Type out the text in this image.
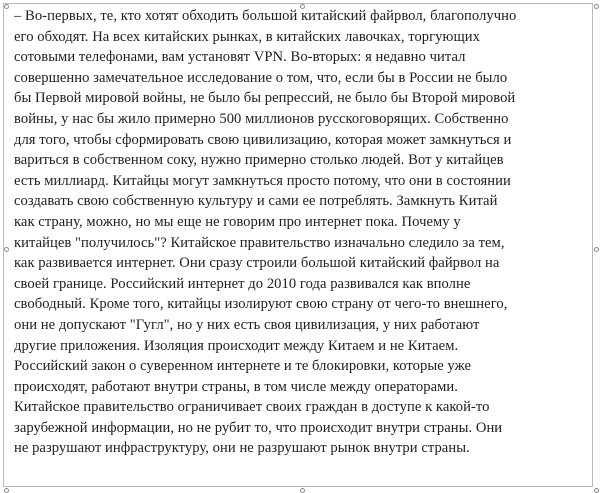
– Во-первых, те, кто хотят обходить большой китайский файрвол, благополучно
его обходят. На всех китайских рынках, в китайских лавочках, торгующих
сотовыми телефонами, вам установят VPN. Во-вторых: я недавно читал
совершенно замечательное исследование о том, что, если бы в России не было
бы Первой мировой войны, не было бы репрессий, не было бы Второй мировой
войны, у нас бы жило примерно 500 миллионов русскоговорящих. Собственно
для того, чтобы сформировать свою цивилизацию, которая может замкнуться и
вариться в собственном соку, нужно примерно столько людей. Вот у китайцев
есть миллиард. Китайцы могут замкнуться просто потому, что они в состоянии
создавать свою собственную культуру и сами ее потреблять. Замкнуть Китай
как страну, можно, но мы еще не говорим про интернет пока. Почему у
китайцев "получилось"? Китайское правительство изначально следило за тем,
как развивается интернет. Они сразу строили большой китайский файрвол на
своей границе. Российский интернет до 2010 года развивался как вполне
свободный. Кроме того, китайцы изолируют свою страну от чего-то внешнего,
они не допускают "Гугл", но у них есть своя цивилизация, у них работают
другие приложения. Изоляция происходит между Китаем и не Китаем.
Российский закон о суверенном интернете и те блокировки, которые уже
происходят, работают внутри страны, в том числе между операторами.
Китайское правительство ограничивает своих граждан в доступе к какой-то
зарубежной информации, но не рубит то, что происходит внутри страны. Они
не разрушают инфраструктуру, они не разрушают рынок внутри страны.
